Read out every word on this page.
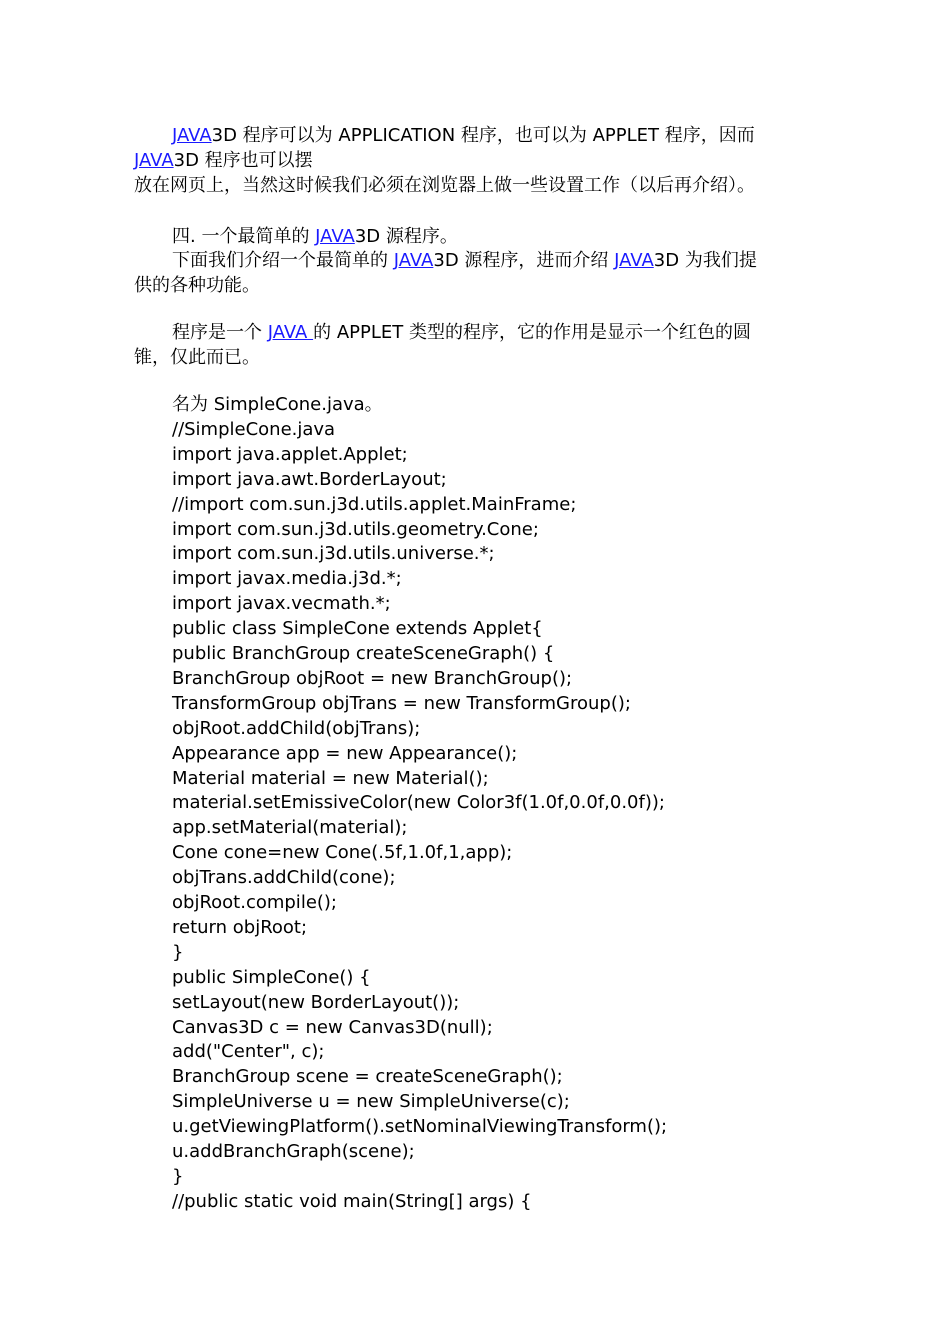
JAVA3D 程序可以为 APPLICATION 程序，也可以为 APPLET 程序，因而
JAVA3D 程序也可以摆
放在网页上，当然这时候我们必须在浏览器上做一些设置工作（以后再介绍）。
四. 一个最简单的 JAVA3D 源程序。
下面我们介绍一个最简单的 JAVA3D 源程序，进而介绍 JAVA3D 为我们提
供的各种功能。
程序是一个 JAVA 的 APPLET 类型的程序，它的作用是显示一个红色的圆
锥，仅此而已。
名为 SimpleCone.java。
//SimpleCone.java
import java.applet.Applet;
import java.awt.BorderLayout;
//import com.sun.j3d.utils.applet.MainFrame;
import com.sun.j3d.utils.geometry.Cone;
import com.sun.j3d.utils.universe.*;
import javax.media.j3d.*;
import javax.vecmath.*;
public class SimpleCone extends Applet{
public BranchGroup createSceneGraph() {
BranchGroup objRoot = new BranchGroup();
TransformGroup objTrans = new TransformGroup();
objRoot.addChild(objTrans);
Appearance app = new Appearance();
Material material = new Material();
material.setEmissiveColor(new Color3f(1.0f,0.0f,0.0f));
app.setMaterial(material);
Cone cone=new Cone(.5f,1.0f,1,app);
objTrans.addChild(cone);
objRoot.compile();
return objRoot;
}
public SimpleCone() {
setLayout(new BorderLayout());
Canvas3D c = new Canvas3D(null);
add("Center", c);
BranchGroup scene = createSceneGraph();
SimpleUniverse u = new SimpleUniverse(c);
u.getViewingPlatform().setNominalViewingTransform();
u.addBranchGraph(scene);
}
//public static void main(String[] args) {
